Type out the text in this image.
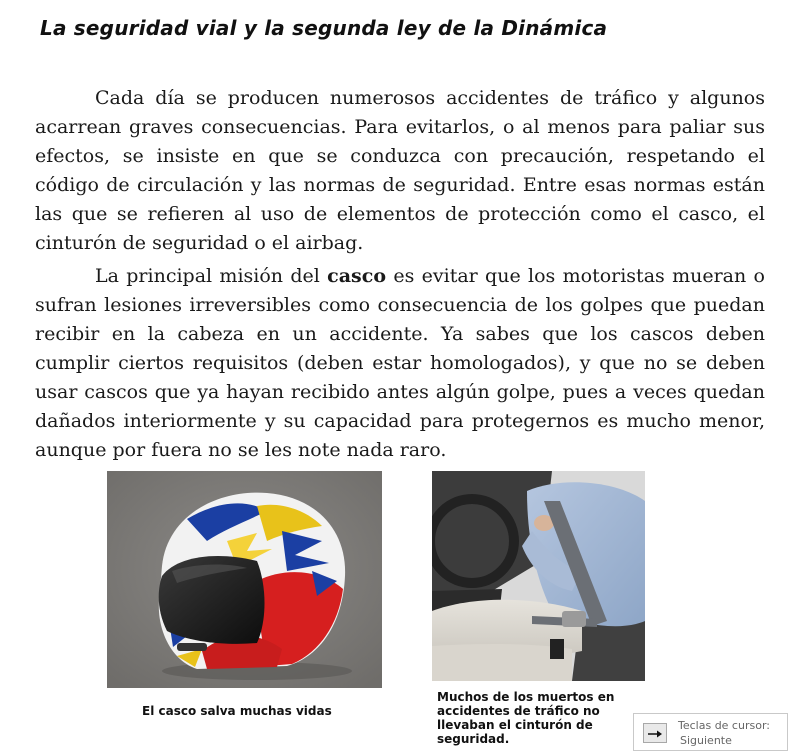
La seguridad vial y la segunda ley de la Dinámica

Cada día se producen numerosos accidentes de tráfico y algunos acarrean graves consecuencias. Para evitarlos, o al menos para paliar sus efectos, se insiste en que se conduzca con precaución, respetando el código de circulación y las normas de seguridad. Entre esas normas están las que se refieren al uso de elementos de protección como el casco, el cinturón de seguridad o el airbag.

La principal misión del casco es evitar que los motoristas mueran o sufran lesiones irreversibles como consecuencia de los golpes que puedan recibir en la cabeza en un accidente. Ya sabes que los cascos deben cumplir ciertos requisitos (deben estar homologados), y que no se deben usar cascos que ya hayan recibido antes algún golpe, pues a veces quedan dañados interiormente y su capacidad para protegernos es mucho menor, aunque por fuera no se les note nada raro.

El casco salva muchas vidas

Muchos de los muertos en accidentes de tráfico no llevaban el cinturón de seguridad.

Teclas de cursor:
Siguiente
